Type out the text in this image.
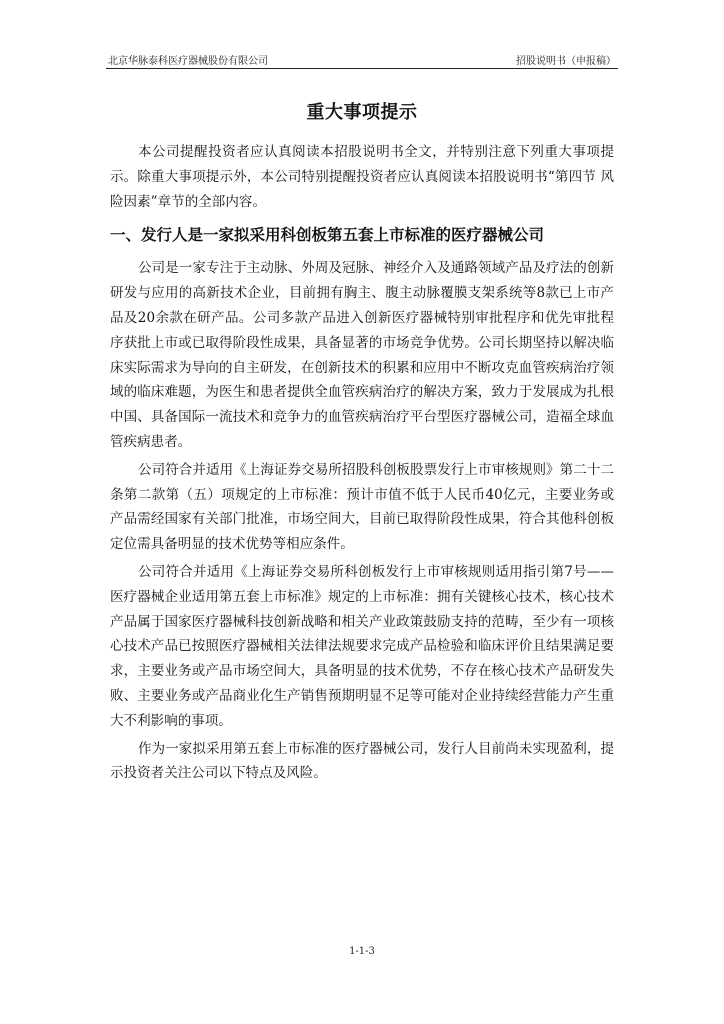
北京华脉泰科医疗器械股份有限公司	招股说明书（申报稿）
重大事项提示

本公司提醒投资者应认真阅读本招股说明书全文，并特别注意下列重大事项提示。除重大事项提示外，本公司特别提醒投资者应认真阅读本招股说明书“第四节 风险因素”章节的全部内容。

一、发行人是一家拟采用科创板第五套上市标准的医疗器械公司

公司是一家专注于主动脉、外周及冠脉、神经介入及通路领域产品及疗法的创新研发与应用的高新技术企业，目前拥有胸主、腹主动脉覆膜支架系统等8款已上市产品及20余款在研产品。公司多款产品进入创新医疗器械特别审批程序和优先审批程序获批上市或已取得阶段性成果，具备显著的市场竞争优势。公司长期坚持以解决临床实际需求为导向的自主研发，在创新技术的积累和应用中不断攻克血管疾病治疗领域的临床难题，为医生和患者提供全血管疾病治疗的解决方案，致力于发展成为扎根中国、具备国际一流技术和竞争力的血管疾病治疗平台型医疗器械公司，造福全球血管疾病患者。

公司符合并适用《上海证券交易所招股科创板股票发行上市审核规则》第二十二条第二款第（五）项规定的上市标准：预计市值不低于人民币40亿元，主要业务或产品需经国家有关部门批准，市场空间大，目前已取得阶段性成果，符合其他科创板定位需具备明显的技术优势等相应条件。

公司符合并适用《上海证券交易所科创板发行上市审核规则适用指引第7号——医疗器械企业适用第五套上市标准》规定的上市标准：拥有关键核心技术，核心技术产品属于国家医疗器械科技创新战略和相关产业政策鼓励支持的范畴，至少有一项核心技术产品已按照医疗器械相关法律法规要求完成产品检验和临床评价且结果满足要求，主要业务或产品市场空间大，具备明显的技术优势，不存在核心技术产品研发失败、主要业务或产品商业化生产销售预期明显不足等可能对企业持续经营能力产生重大不利影响的事项。

作为一家拟采用第五套上市标准的医疗器械公司，发行人目前尚未实现盈利，提示投资者关注公司以下特点及风险。

1-1-3
